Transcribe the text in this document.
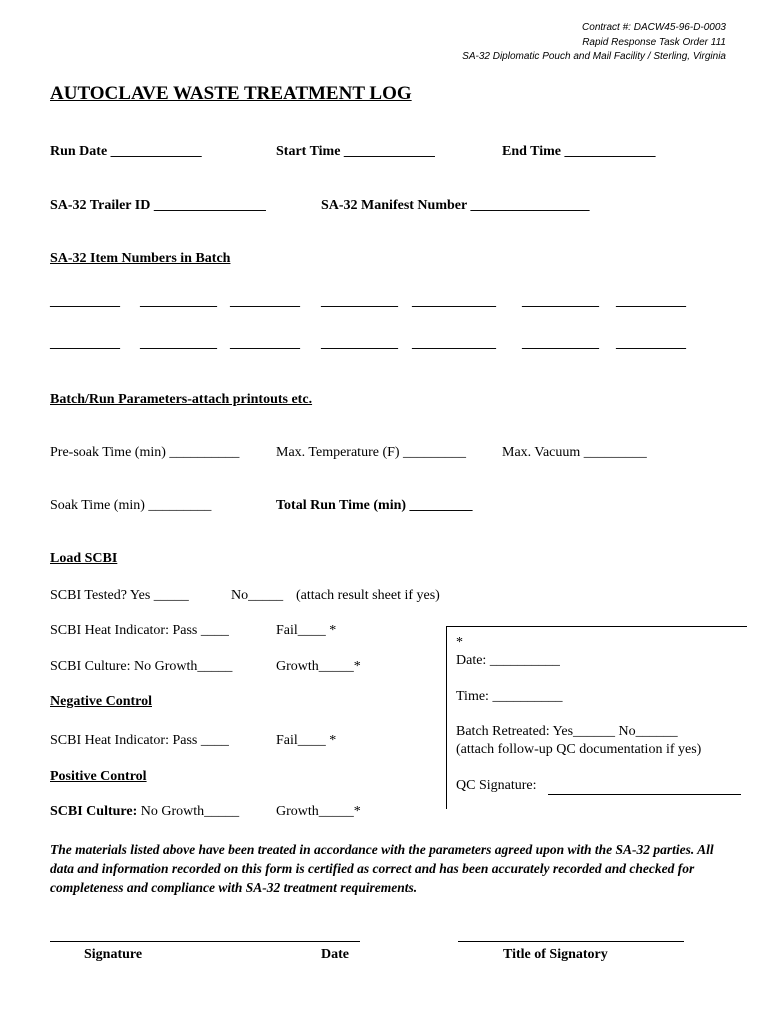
Contract #: DACW45-96-D-0003
Rapid Response Task Order 111
SA-32 Diplomatic Pouch and Mail Facility / Sterling, Virginia
AUTOCLAVE WASTE TREATMENT LOG
Run Date _____________	Start Time _____________	End Time _____________
SA-32 Trailer ID ________________	SA-32 Manifest Number _________________
SA-32 Item Numbers in Batch
__________ ___________ __________ ___________ ____________ ___________ __________
__________ ___________ __________ ___________ ____________ ___________ __________
Batch/Run Parameters-attach printouts etc.
Pre-soak Time (min) __________	Max. Temperature (F) _________	Max. Vacuum _________
Soak Time (min) _________	Total Run Time (min) _________
Load SCBI
SCBI Tested? Yes _____	No_____ (attach result sheet if yes)
SCBI Heat Indicator: Pass ____	Fail____ *
SCBI Culture: No Growth_____	Growth_____*
Negative Control
SCBI Heat Indicator: Pass ____	Fail____ *
Positive Control
SCBI Culture: No Growth_____	Growth_____*
*
Date: __________
Time: __________
Batch Retreated: Yes______ No______
(attach follow-up QC documentation if yes)
QC Signature:
The materials listed above have been treated in accordance with the parameters agreed upon with the SA-32 parties. All data and information recorded on this form is certified as correct and has been accurately recorded and checked for completeness and compliance with SA-32 treatment requirements.
Signature	Date	Title of Signatory
